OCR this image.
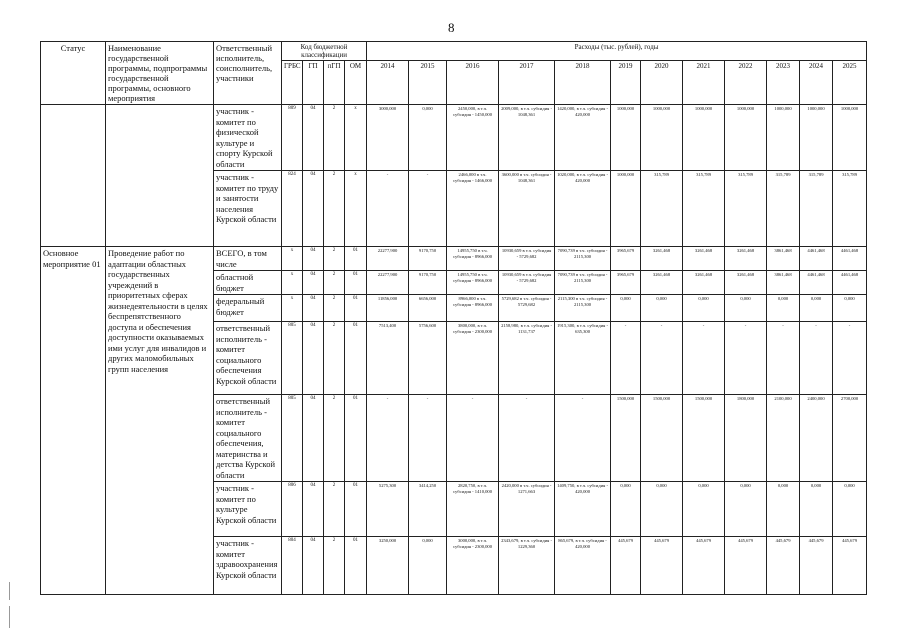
8
Статус	Наименование государственной программы, подпрограммы государственной программы, основного мероприятия	Ответственный исполнитель, соисполнитель, участники	Код бюджетной классификации				Расходы (тыс. рублей), годы											
			ГРБС	ГП	пГП	ОМ	2014	2015	2016	2017	2018	2019	2020	2021	2022	2023	2024	2025
		участник - комитет по физической культуре и спорту Курской области	809	04	2	х	3000,000	0,000	2450,000, в т.ч. субсидия - 1450,000	2009,000, в т.ч. субсидия - 1048,361	1420,000, в т.ч. субсидия - 420,000	1000,000	1000,000	1000,000	1000,000	1000,000	1000,000	1000,000
		участник - комитет по труду и занятости населения Курской области	824	04	2	х	-	-	2466,000 в т.ч. субсидия - 1466,000	3600,000 в т.ч. субсидия - 1048,361	1020,000, в т.ч. субсидия - 420,000	1000,000	315,789	315,789	315,789	315,789	315,789	315,789
Основное мероприятие 01	Проведение работ по адаптации областных государственных учреждений в приоритетных сферах жизнедеятельности в целях беспрепятственного доступа и обеспечения доступности оказываемых ими услуг для инвалидов и других маломобильных групп населения	ВСЕГО, в том числе	х	04	2	01	22277,900	9170,750	14955,750 в т.ч. субсидия - 8966,000	10930,659 в т.ч. субсидия - 5729,682	7090,739 в т.ч. субсидия - 2115,300	3965,679	3261,468	3261,468	3261,468	3861,468	4461,468	4461,468
		областной бюджет	х	04	2	01	22277,900	9170,750	14955,750 в т.ч. субсидия - 8966,000	10930,659 в т.ч. субсидия - 5729,682	7090,739 в т.ч. субсидия - 2115,300	3965,679	3261,468	3261,468	3261,468	3861,468	4461,468	4461,468
		федеральный бюджет	х	04	2	01	11856,000	6656,000	8966,000 в т.ч. субсидия - 8966,000	5729,682 в т.ч. субсидия - 5729,682	2115,300 в т.ч. субсидия - 2115,300	0,000	0,000	0,000	0,000	0,000	0,000	0,000
		ответственный исполнитель - комитет социального обеспечения Курской области	805	04	2	01	7513,400	5756,600	3800,000, в т.ч. субсидия - 2300,000	2158,980, в т.ч. субсидия - 1131,737	1915,300, в т.ч. субсидия - 635,300	-	-	-	-	-	-	-
		ответственный исполнитель - комитет социального обеспечения, материнства и детства Курской области	805	04	2	01	-	-	-	-	-	1500,000	1500,000	1500,000	1800,000	2100,000	2400,000	2700,000
		участник - комитет по культуре Курской области	806	04	2	01	5275,300	3414,250	2820,750, в т.ч. субсидия - 1410,000	2420,000 в т.ч. субсидия - 1271,663	1409,750, в т.ч. субсидия - 420,000	0,000	0,000	0,000	0,000	0,000	0,000	0,000
		участник - комитет здравоохранения Курской области	804	04	2	01	3250,000	0,000	3000,000, в т.ч. субсидия - 2300,000	2343,679, в т.ч. субсидия - 1229,360	865,679, в т.ч. субсидия - 420,000	445,679	445,679	445,679	445,679	445,679	445,679	445,679
